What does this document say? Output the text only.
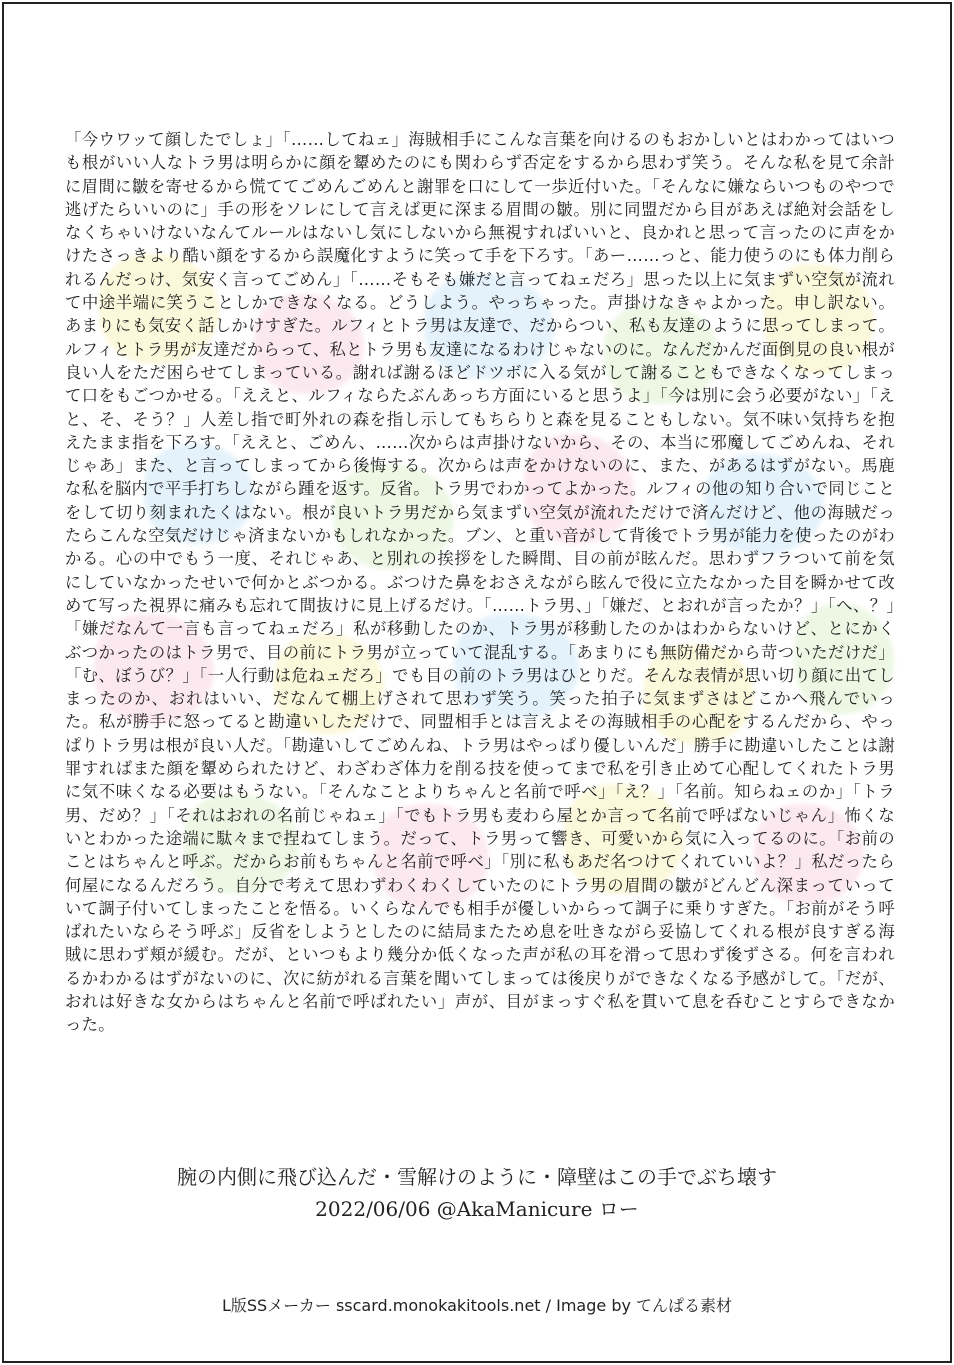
「今ウワッて顔したでしょ」「……してねェ」海賊相手にこんな言葉を向けるのもおかしいとはわかってはいつも根がいい人なトラ男は明らかに顔を顰めたのにも関わらず否定をするから思わず笑う。そんな私を見て余計に眉間に皺を寄せるから慌ててごめんごめんと謝罪を口にして一歩近付いた。「そんなに嫌ならいつものやつで逃げたらいいのに」手の形をソレにして言えば更に深まる眉間の皺。別に同盟だから目があえば絶対会話をしなくちゃいけないなんてルールはないし気にしないから無視すればいいと、良かれと思って言ったのに声をかけたさっきより酷い顔をするから誤魔化すように笑って手を下ろす。「あー……っと、能力使うのにも体力削られるんだっけ、気安く言ってごめん」「……そもそも嫌だと言ってねェだろ」思った以上に気まずい空気が流れて中途半端に笑うことしかできなくなる。どうしよう。やっちゃった。声掛けなきゃよかった。申し訳ない。あまりにも気安く話しかけすぎた。ルフィとトラ男は友達で、だからつい、私も友達のように思ってしまって。ルフィとトラ男が友達だからって、私とトラ男も友達になるわけじゃないのに。なんだかんだ面倒見の良い根が良い人をただ困らせてしまっている。謝れば謝るほどドツボに入る気がして謝ることもできなくなってしまって口をもごつかせる。「ええと、ルフィならたぶんあっち方面にいると思うよ」「今は別に会う必要がない」「えと、そ、そう？」人差し指で町外れの森を指し示してもちらりと森を見ることもしない。気不味い気持ちを抱えたまま指を下ろす。「ええと、ごめん、……次からは声掛けないから、その、本当に邪魔してごめんね、それじゃあ」また、と言ってしまってから後悔する。次からは声をかけないのに、また、があるはずがない。馬鹿な私を脳内で平手打ちしながら踵を返す。反省。トラ男でわかってよかった。ルフィの他の知り合いで同じことをして切り刻まれたくはない。根が良いトラ男だから気まずい空気が流れただけで済んだけど、他の海賊だったらこんな空気だけじゃ済まないかもしれなかった。ブン、と重い音がして背後でトラ男が能力を使ったのがわかる。心の中でもう一度、それじゃあ、と別れの挨拶をした瞬間、目の前が眩んだ。思わずフラついて前を気にしていなかったせいで何かとぶつかる。ぶつけた鼻をおさえながら眩んで役に立たなかった目を瞬かせて改めて写った視界に痛みも忘れて間抜けに見上げるだけ。「……トラ男、」「嫌だ、とおれが言ったか？」「へ、？」「嫌だなんて一言も言ってねェだろ」私が移動したのか、トラ男が移動したのかはわからないけど、とにかくぶつかったのはトラ男で、目の前にトラ男が立っていて混乱する。「あまりにも無防備だから苛ついただけだ」「む、ぼうび？」「一人行動は危ねェだろ」でも目の前のトラ男はひとりだ。そんな表情が思い切り顔に出てしまったのか、おれはいい、だなんて棚上げされて思わず笑う。笑った拍子に気まずさはどこかへ飛んでいった。私が勝手に怒ってると勘違いしただけで、同盟相手とは言えよその海賊相手の心配をするんだから、やっぱりトラ男は根が良い人だ。「勘違いしてごめんね、トラ男はやっぱり優しいんだ」勝手に勘違いしたことは謝罪すればまた顔を顰められたけど、わざわざ体力を削る技を使ってまで私を引き止めて心配してくれたトラ男に気不味くなる必要はもうない。「そんなことよりちゃんと名前で呼べ」「え？」「名前。知らねェのか」「トラ男、だめ？」「それはおれの名前じゃねェ」「でもトラ男も麦わら屋とか言って名前で呼ばないじゃん」怖くないとわかった途端に駄々まで捏ねてしまう。だって、トラ男って響き、可愛いから気に入ってるのに。「お前のことはちゃんと呼ぶ。だからお前もちゃんと名前で呼べ」「別に私もあだ名つけてくれていいよ？」私だったら何屋になるんだろう。自分で考えて思わずわくわくしていたのにトラ男の眉間の皺がどんどん深まっていっていて調子付いてしまったことを悟る。いくらなんでも相手が優しいからって調子に乗りすぎた。「お前がそう呼ばれたいならそう呼ぶ」反省をしようとしたのに結局またため息を吐きながら妥協してくれる根が良すぎる海賊に思わず頬が緩む。だが、といつもより幾分か低くなった声が私の耳を滑って思わず後ずさる。何を言われるかわかるはずがないのに、次に紡がれる言葉を聞いてしまっては後戻りができなくなる予感がして。「だが、おれは好きな女からはちゃんと名前で呼ばれたい」声が、目がまっすぐ私を貫いて息を呑むことすらできなかった。
腕の内側に飛び込んだ・雪解けのように・障壁はこの手でぶち壊す
2022/06/06 @AkaManicure ロー
L版SSメーカー sscard.monokakitools.net / Image by てんぱる素材
